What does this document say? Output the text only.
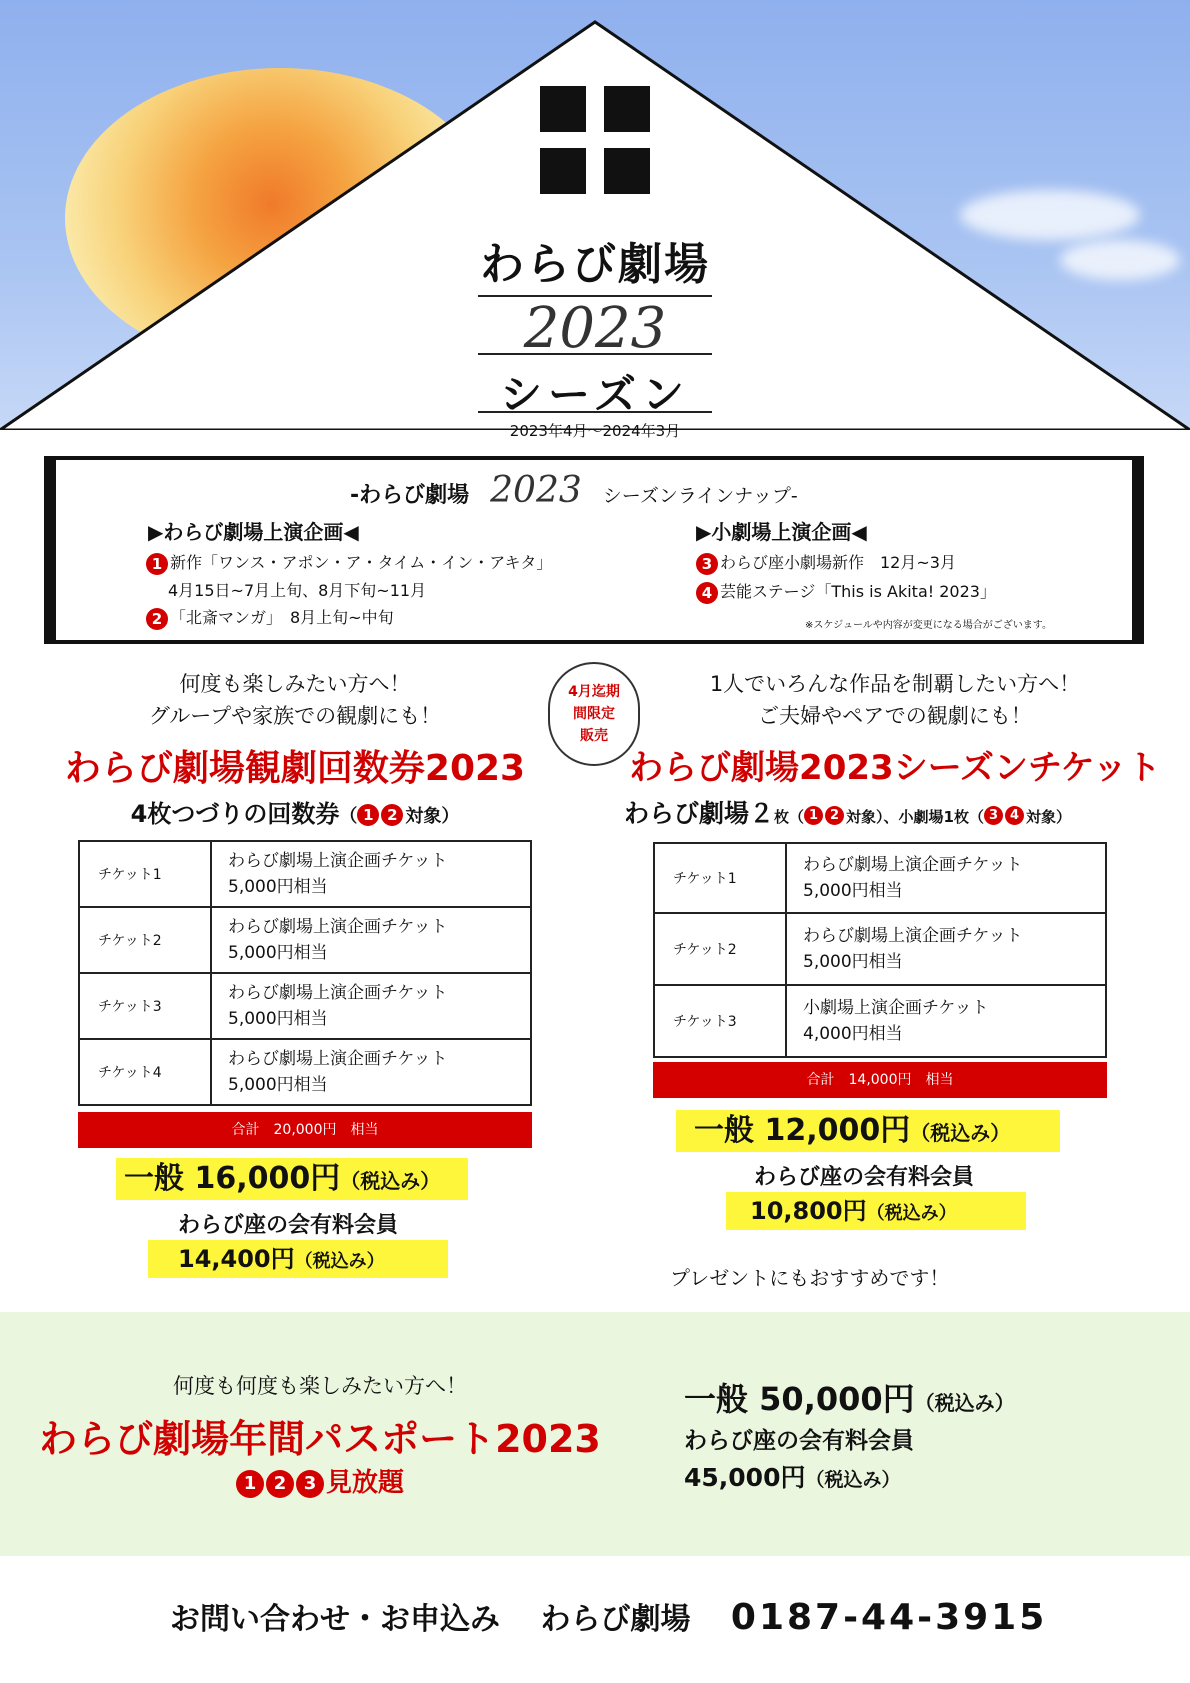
わらび劇場
2023
シーズン
2023年4月～2024年3月
-わらび劇場 2023 シーズンラインナップ-
▶わらび劇場上演企画◀
1 新作「ワンス・アポン・ア・タイム・イン・アキタ」
4月15日~7月上旬、8月下旬~11月
2 「北斎マンガ」　8月上旬~中旬
▶小劇場上演企画◀
3 わらび座小劇場新作　12月~3月
4 芸能ステージ「This is Akita! 2023」
※スケジュールや内容が変更になる場合がございます。
4月迄期間限定販売
何度も楽しみたい方へ！
グループや家族での観劇にも！
わらび劇場観劇回数券2023
4枚つづりの回数券（ 1 2 対象）
チケット1	わらび劇場上演企画チケット
5,000円相当

チケット2	わらび劇場上演企画チケット
5,000円相当

チケット3	わらび劇場上演企画チケット
5,000円相当

チケット4	わらび劇場上演企画チケット
5,000円相当
合計　20,000円　相当
一般 16,000円（税込み）
わらび座の会有料会員
14,400円（税込み）
1人でいろんな作品を制覇したい方へ！
ご夫婦やペアでの観劇にも！
わらび劇場2023シーズンチケット
わらび劇場２枚（ 1 2 対象）、小劇場1枚（ 3 4 対象）
チケット1	わらび劇場上演企画チケット
5,000円相当

チケット2	わらび劇場上演企画チケット
5,000円相当

チケット3	小劇場上演企画チケット
4,000円相当
合計　14,000円　相当
一般 12,000円（税込み）
わらび座の会有料会員
10,800円（税込み）
プレゼントにもおすすめです！
何度も何度も楽しみたい方へ！
わらび劇場年間パスポート2023
1 2 3 見放題
一般 50,000円（税込み）
わらび座の会有料会員
45,000円（税込み）
お問い合わせ・お申込み わらび劇場 0187-44-3915
